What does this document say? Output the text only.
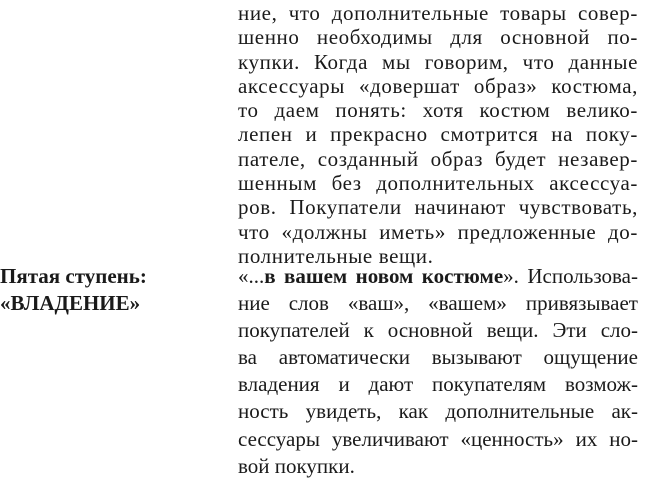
ние, что дополнительные товары совер-
шенно необходимы для основной по-
купки. Когда мы говорим, что данные
аксессуары «довершат образ» костюма,
то даем понять: хотя костюм велико-
лепен и прекрасно смотрится на поку-
пателе, созданный образ будет незавер-
шенным без дополнительных аксессуа-
ров. Покупатели начинают чувствовать,
что «должны иметь» предложенные до-
полнительные вещи.
Пятая ступень:
«ВЛАДЕНИЕ»
«...в вашем новом костюме». Использова-
ние слов «ваш», «вашем» привязывает
покупателей к основной вещи. Эти сло-
ва автоматически вызывают ощущение
владения и дают покупателям возмож-
ность увидеть, как дополнительные ак-
сессуары увеличивают «ценность» их но-
вой покупки.
